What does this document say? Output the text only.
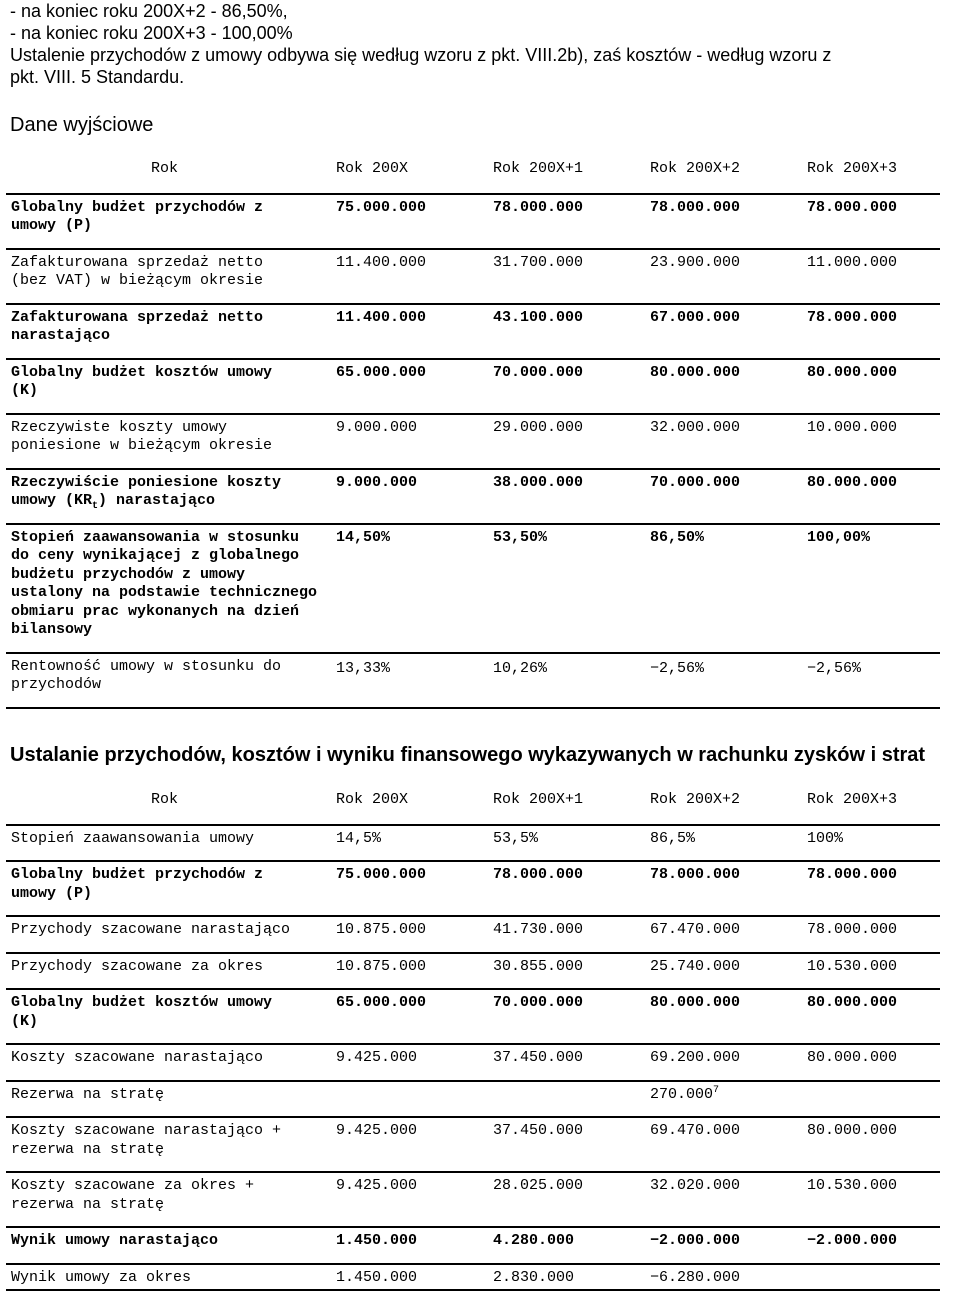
- na koniec roku 200X+2 - 86,50%,

- na koniec roku 200X+3 - 100,00%

Ustalenie przychodów z umowy odbywa się według wzoru z pkt. VIII.2b), zaś kosztów - według wzoru z

pkt. VIII. 5 Standardu.

Dane wyjściowe
Rok	Rok 200X	Rok 200X+1	Rok 200X+2	Rok 200X+3
Globalny budżet przychodów z umowy (P)	75.000.000	78.000.000	78.000.000	78.000.000
Zafakturowana sprzedaż netto (bez VAT) w bieżącym okresie	11.400.000	31.700.000	23.900.000	11.000.000
Zafakturowana sprzedaż netto narastająco	11.400.000	43.100.000	67.000.000	78.000.000
Globalny budżet kosztów umowy (K)	65.000.000	70.000.000	80.000.000	80.000.000
Rzeczywiste koszty umowy poniesione w bieżącym okresie	9.000.000	29.000.000	32.000.000	10.000.000
Rzeczywiście poniesione koszty umowy $(KR_t)$ narastająco	9.000.000	38.000.000	70.000.000	80.000.000
Stopień zaawansowania w stosunku do ceny wynikającej z globalnego budżetu przychodów z umowy ustalony na podstawie technicznego obmiaru prac wykonanych na dzień bilansowy	14,50%	53,50%	86,50%	100,00%
Rentowność umowy w stosunku do przychodów	13,33%	10,26%	−2,56%	−2,56%
Ustalanie przychodów, kosztów i wyniku finansowego wykazywanych w rachunku zysków i strat
Rok	Rok 200X	Rok 200X+1	Rok 200X+2	Rok 200X+3
Stopień zaawansowania umowy	14,5%	53,5%	86,5%	100%
Globalny budżet przychodów z umowy (P)	75.000.000	78.000.000	78.000.000	78.000.000
Przychody szacowane narastająco	10.875.000	41.730.000	67.470.000	78.000.000
Przychody szacowane za okres	10.875.000	30.855.000	25.740.000	10.530.000
Globalny budżet kosztów umowy (K)	65.000.000	70.000.000	80.000.000	80.000.000
Koszty szacowane narastająco	9.425.000	37.450.000	69.200.000	80.000.000
Rezerwa na stratę			270.000$^7$	
Koszty szacowane narastająco + rezerwa na stratę	9.425.000	37.450.000	69.470.000	80.000.000
Koszty szacowane za okres + rezerwa na stratę	9.425.000	28.025.000	32.020.000	10.530.000
Wynik umowy narastająco	1.450.000	4.280.000	−2.000.000	−2.000.000
Wynik umowy za okres	1.450.000	2.830.000	−6.280.000	
